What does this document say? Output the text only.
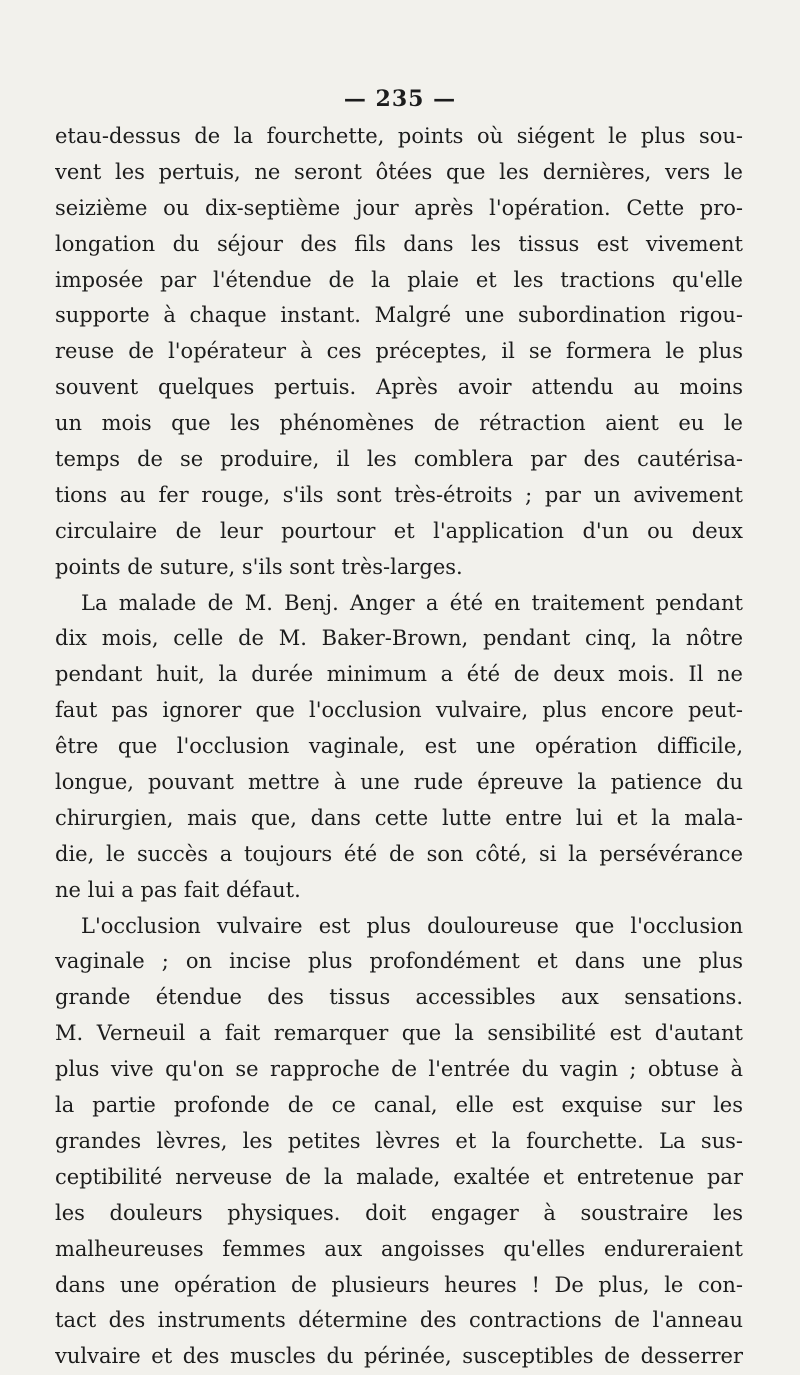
— 235 —
etau-dessus de la fourchette, points où siégent le plus sou-
vent les pertuis, ne seront ôtées que les dernières, vers le
seizième ou dix-septième jour après l'opération. Cette pro-
longation du séjour des fils dans les tissus est vivement
imposée par l'étendue de la plaie et les tractions qu'elle
supporte à chaque instant. Malgré une subordination rigou-
reuse de l'opérateur à ces préceptes, il se formera le plus
souvent quelques pertuis. Après avoir attendu au moins
un mois que les phénomènes de rétraction aient eu le
temps de se produire, il les comblera par des cautérisa-
tions au fer rouge, s'ils sont très-étroits ; par un avivement
circulaire de leur pourtour et l'application d'un ou deux
points de suture, s'ils sont très-larges.
La malade de M. Benj. Anger a été en traitement pendant
dix mois, celle de M. Baker-Brown, pendant cinq, la nôtre
pendant huit, la durée minimum a été de deux mois. Il ne
faut pas ignorer que l'occlusion vulvaire, plus encore peut-
être que l'occlusion vaginale, est une opération difficile,
longue, pouvant mettre à une rude épreuve la patience du
chirurgien, mais que, dans cette lutte entre lui et la mala-
die, le succès a toujours été de son côté, si la persévérance
ne lui a pas fait défaut.
L'occlusion vulvaire est plus douloureuse que l'occlusion
vaginale ; on incise plus profondément et dans une plus
grande étendue des tissus accessibles aux sensations.
M. Verneuil a fait remarquer que la sensibilité est d'autant
plus vive qu'on se rapproche de l'entrée du vagin ; obtuse à
la partie profonde de ce canal, elle est exquise sur les
grandes lèvres, les petites lèvres et la fourchette. La sus-
ceptibilité nerveuse de la malade, exaltée et entretenue par
les douleurs physiques. doit engager à soustraire les
malheureuses femmes aux angoisses qu'elles endureraient
dans une opération de plusieurs heures ! De plus, le con-
tact des instruments détermine des contractions de l'anneau
vulvaire et des muscles du périnée, susceptibles de desserrer
